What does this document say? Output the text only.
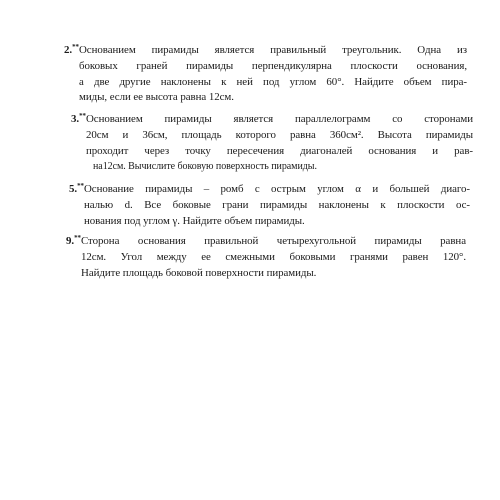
2.**Основанием пирамиды является правильный треугольник. Одна из
боковых граней пирамиды перпендикулярна плоскости основания,
а две другие наклонены к ней под углом 60°. Найдите объем пира-
миды, если ее высота равна 12см.
3.**Основанием пирамиды является параллелограмм со сторонами
20см и 36см, площадь которого равна 360см². Высота пирамиды
проходит через точку пересечения диагоналей основания и рав-
на12см. Вычислите боковую поверхность пирамиды.
5.**Основание пирамиды – ромб с острым углом α и большей диаго-
налью d. Все боковые грани пирамиды наклонены к плоскости ос-
нования под углом γ. Найдите объем пирамиды.
9.**Сторона основания правильной четырехугольной пирамиды равна
12см. Угол между ее смежными боковыми гранями равен 120°.
Найдите площадь боковой поверхности пирамиды.
